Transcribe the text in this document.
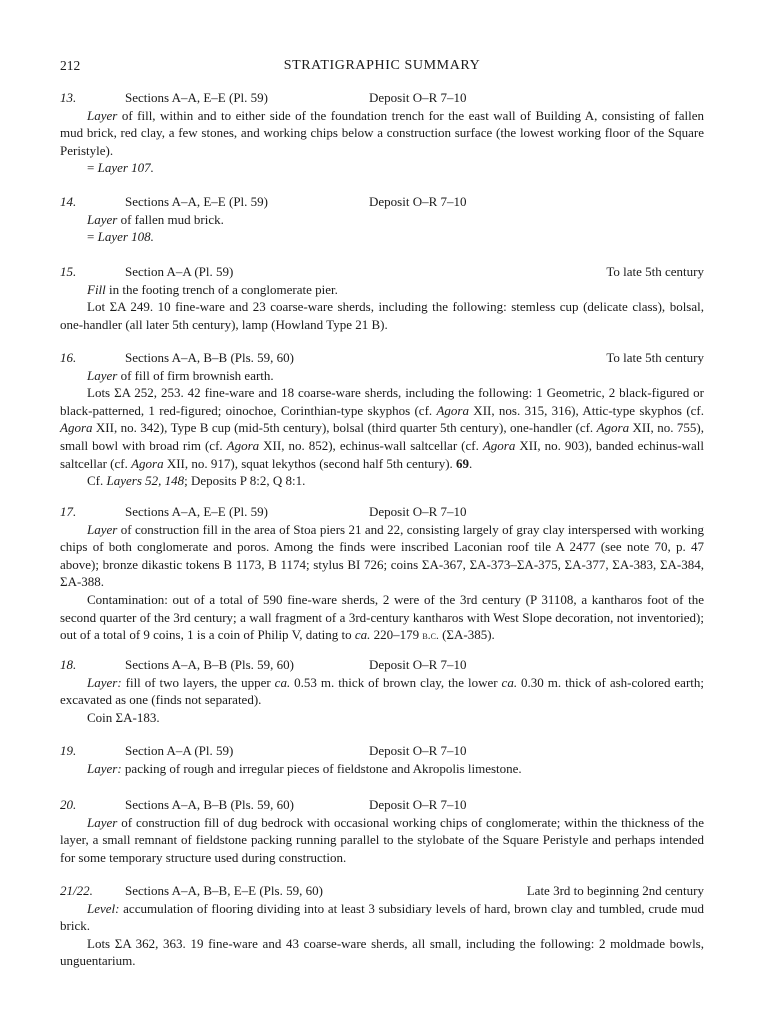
212	STRATIGRAPHIC SUMMARY
13.	Sections A–A, E–E (Pl. 59)	Deposit O–R 7–10

Layer of fill, within and to either side of the foundation trench for the east wall of Building A, consisting of fallen mud brick, red clay, a few stones, and working chips below a construction surface (the lowest working floor of the Square Peristyle).

= Layer 107.

14.	Sections A–A, E–E (Pl. 59)	Deposit O–R 7–10

Layer of fallen mud brick.

= Layer 108.

15.	Section A–A (Pl. 59)	To late 5th century

Fill in the footing trench of a conglomerate pier.

Lot ΣA 249. 10 fine-ware and 23 coarse-ware sherds, including the following: stemless cup (delicate class), bolsal, one-handler (all later 5th century), lamp (Howland Type 21 B).

16.	Sections A–A, B–B (Pls. 59, 60)	To late 5th century

Layer of fill of firm brownish earth.

Lots ΣA 252, 253. 42 fine-ware and 18 coarse-ware sherds, including the following: 1 Geometric, 2 black-figured or black-patterned, 1 red-figured; oinochoe, Corinthian-type skyphos (cf. Agora XII, nos. 315, 316), Attic-type skyphos (cf. Agora XII, no. 342), Type B cup (mid-5th century), bolsal (third quarter 5th century), one-handler (cf. Agora XII, no. 755), small bowl with broad rim (cf. Agora XII, no. 852), echinus-wall saltcellar (cf. Agora XII, no. 903), banded echinus-wall saltcellar (cf. Agora XII, no. 917), squat lekythos (second half 5th century). 69.

Cf. Layers 52, 148; Deposits P 8:2, Q 8:1.

17.	Sections A–A, E–E (Pl. 59)	Deposit O–R 7–10

Layer of construction fill in the area of Stoa piers 21 and 22, consisting largely of gray clay interspersed with working chips of both conglomerate and poros. Among the finds were inscribed Laconian roof tile A 2477 (see note 70, p. 47 above); bronze dikastic tokens B 1173, B 1174; stylus BI 726; coins ΣA-367, ΣA-373–ΣA-375, ΣA-377, ΣA-383, ΣA-384, ΣA-388.

Contamination: out of a total of 590 fine-ware sherds, 2 were of the 3rd century (P 31108, a kantharos foot of the second quarter of the 3rd century; a wall fragment of a 3rd-century kantharos with West Slope decoration, not inventoried); out of a total of 9 coins, 1 is a coin of Philip V, dating to ca. 220–179 b.c. (ΣA-385).

18.	Sections A–A, B–B (Pls. 59, 60)	Deposit O–R 7–10

Layer: fill of two layers, the upper ca. 0.53 m. thick of brown clay, the lower ca. 0.30 m. thick of ash-colored earth; excavated as one (finds not separated).

Coin ΣA-183.

19.	Section A–A (Pl. 59)	Deposit O–R 7–10

Layer: packing of rough and irregular pieces of fieldstone and Akropolis limestone.

20.	Sections A–A, B–B (Pls. 59, 60)	Deposit O–R 7–10

Layer of construction fill of dug bedrock with occasional working chips of conglomerate; within the thickness of the layer, a small remnant of fieldstone packing running parallel to the stylobate of the Square Peristyle and perhaps intended for some temporary structure used during construction.

21/22. Sections A–A, B–B, E–E (Pls. 59, 60)	Late 3rd to beginning 2nd century

Level: accumulation of flooring dividing into at least 3 subsidiary levels of hard, brown clay and tumbled, crude mud brick.

Lots ΣA 362, 363. 19 fine-ware and 43 coarse-ware sherds, all small, including the following: 2 moldmade bowls, unguentarium.
